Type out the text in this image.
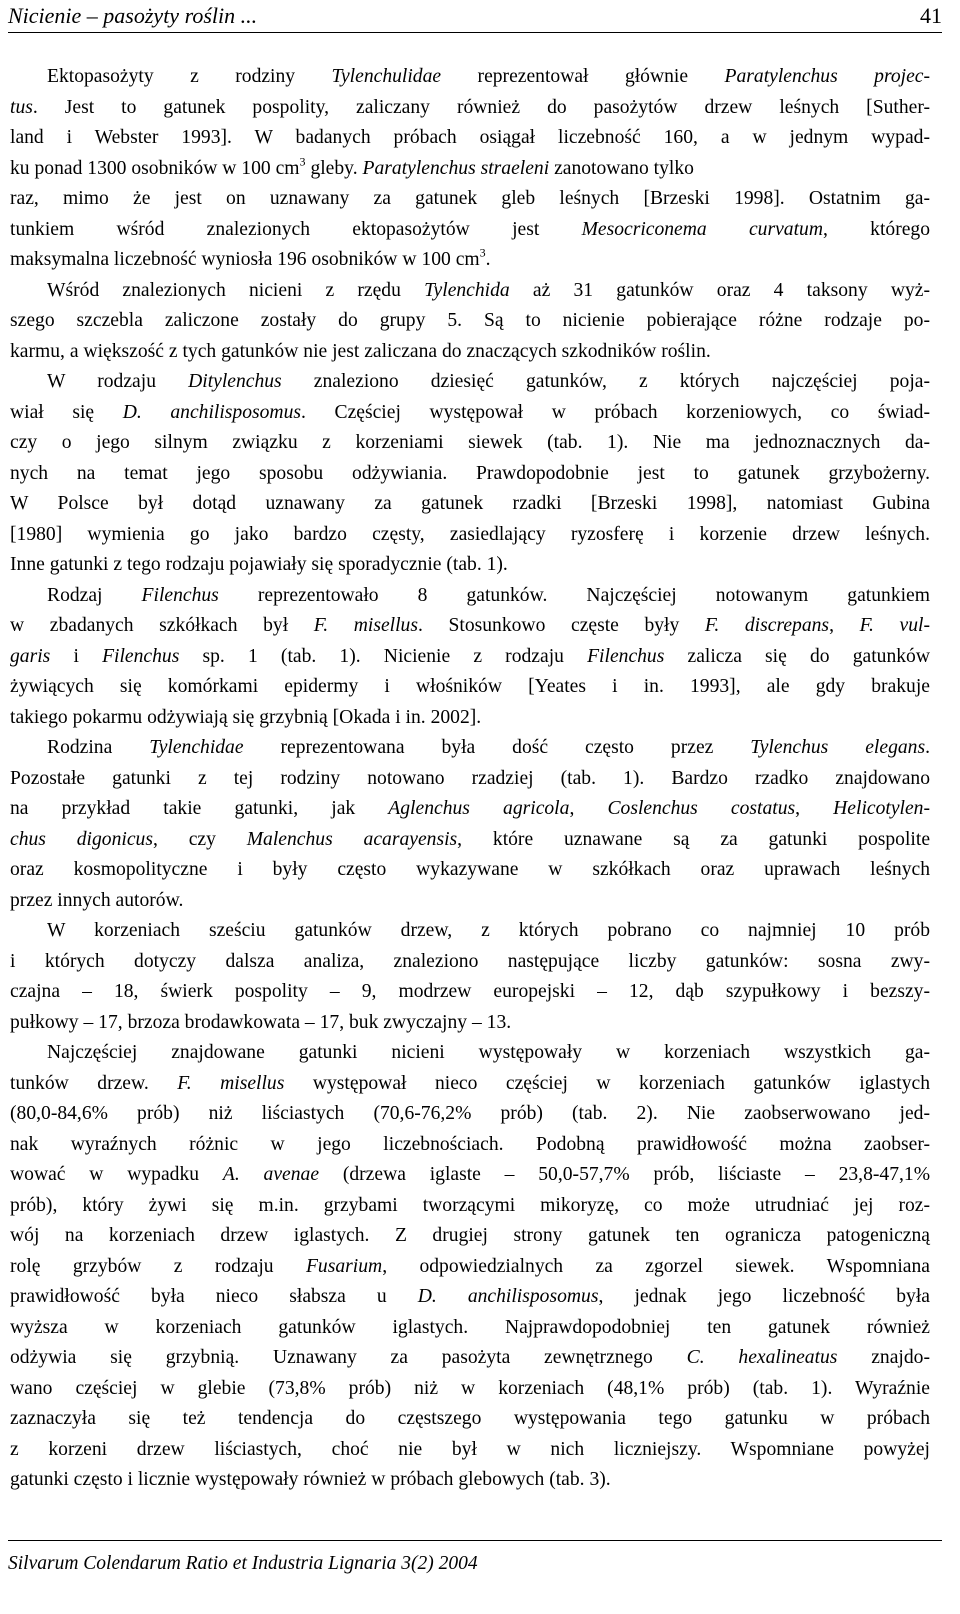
Nicienie – pasożyty roślin ...	41
Ektopasożyty z rodziny Tylenchulidae reprezentował głównie Paratylenchus projec-
tus. Jest to gatunek pospolity, zaliczany również do pasożytów drzew leśnych [Suther-
land i Webster 1993]. W badanych próbach osiągał liczebność 160, a w jednym wypad-
ku ponad 1300 osobników w 100 $cm^3$ gleby. Paratylenchus straeleni zanotowano tylko
raz, mimo że jest on uznawany za gatunek gleb leśnych [Brzeski 1998]. Ostatnim ga-
tunkiem wśród znalezionych ektopasożytów jest Mesocriconema curvatum, którego
maksymalna liczebność wyniosła 196 osobników w 100 $cm^3$.
Wśród znalezionych nicieni z rzędu Tylenchida aż 31 gatunków oraz 4 taksony wyż-
szego szczebla zaliczone zostały do grupy 5. Są to nicienie pobierające różne rodzaje po-
karmu, a większość z tych gatunków nie jest zaliczana do znaczących szkodników roślin.
W rodzaju Ditylenchus znaleziono dziesięć gatunków, z których najczęściej poja-
wiał się D. anchilisposomus. Częściej występował w próbach korzeniowych, co świad-
czy o jego silnym związku z korzeniami siewek (tab. 1). Nie ma jednoznacznych da-
nych na temat jego sposobu odżywiania. Prawdopodobnie jest to gatunek grzybożerny.
W Polsce był dotąd uznawany za gatunek rzadki [Brzeski 1998], natomiast Gubina
[1980] wymienia go jako bardzo częsty, zasiedlający ryzosferę i korzenie drzew leśnych.
Inne gatunki z tego rodzaju pojawiały się sporadycznie (tab. 1).
Rodzaj Filenchus reprezentowało 8 gatunków. Najczęściej notowanym gatunkiem
w zbadanych szkółkach był F. misellus. Stosunkowo częste były F. discrepans, F. vul-
garis i Filenchus sp. 1 (tab. 1). Nicienie z rodzaju Filenchus zalicza się do gatunków
żywiących się komórkami epidermy i włośników [Yeates i in. 1993], ale gdy brakuje
takiego pokarmu odżywiają się grzybnią [Okada i in. 2002].
Rodzina Tylenchidae reprezentowana była dość często przez Tylenchus elegans.
Pozostałe gatunki z tej rodziny notowano rzadziej (tab. 1). Bardzo rzadko znajdowano
na przykład takie gatunki, jak Aglenchus agricola, Coslenchus costatus, Helicotylen-
chus digonicus, czy Malenchus acarayensis, które uznawane są za gatunki pospolite
oraz kosmopolityczne i były często wykazywane w szkółkach oraz uprawach leśnych
przez innych autorów.
W korzeniach sześciu gatunków drzew, z których pobrano co najmniej 10 prób
i których dotyczy dalsza analiza, znaleziono następujące liczby gatunków: sosna zwy-
czajna – 18, świerk pospolity – 9, modrzew europejski – 12, dąb szypułkowy i bezszy-
pułkowy – 17, brzoza brodawkowata – 17, buk zwyczajny – 13.
Najczęściej znajdowane gatunki nicieni występowały w korzeniach wszystkich ga-
tunków drzew. F. misellus występował nieco częściej w korzeniach gatunków iglastych
(80,0-84,6% prób) niż liściastych (70,6-76,2% prób) (tab. 2). Nie zaobserwowano jed-
nak wyraźnych różnic w jego liczebnościach. Podobną prawidłowość można zaobser-
wować w wypadku A. avenae (drzewa iglaste – 50,0-57,7% prób, liściaste – 23,8-47,1%
prób), który żywi się m.in. grzybami tworzącymi mikoryzę, co może utrudniać jej roz-
wój na korzeniach drzew iglastych. Z drugiej strony gatunek ten ogranicza patogeniczną
rolę grzybów z rodzaju Fusarium, odpowiedzialnych za zgorzel siewek. Wspomniana
prawidłowość była nieco słabsza u D. anchilisposomus, jednak jego liczebność była
wyższa w korzeniach gatunków iglastych. Najprawdopodobniej ten gatunek również
odżywia się grzybnią. Uznawany za pasożyta zewnętrznego C. hexalineatus znajdo-
wano częściej w glebie (73,8% prób) niż w korzeniach (48,1% prób) (tab. 1). Wyraźnie
zaznaczyła się też tendencja do częstszego występowania tego gatunku w próbach
z korzeni drzew liściastych, choć nie był w nich liczniejszy. Wspomniane powyżej
gatunki często i licznie występowały również w próbach glebowych (tab. 3).
Silvarum Colendarum Ratio et Industria Lignaria 3(2) 2004
